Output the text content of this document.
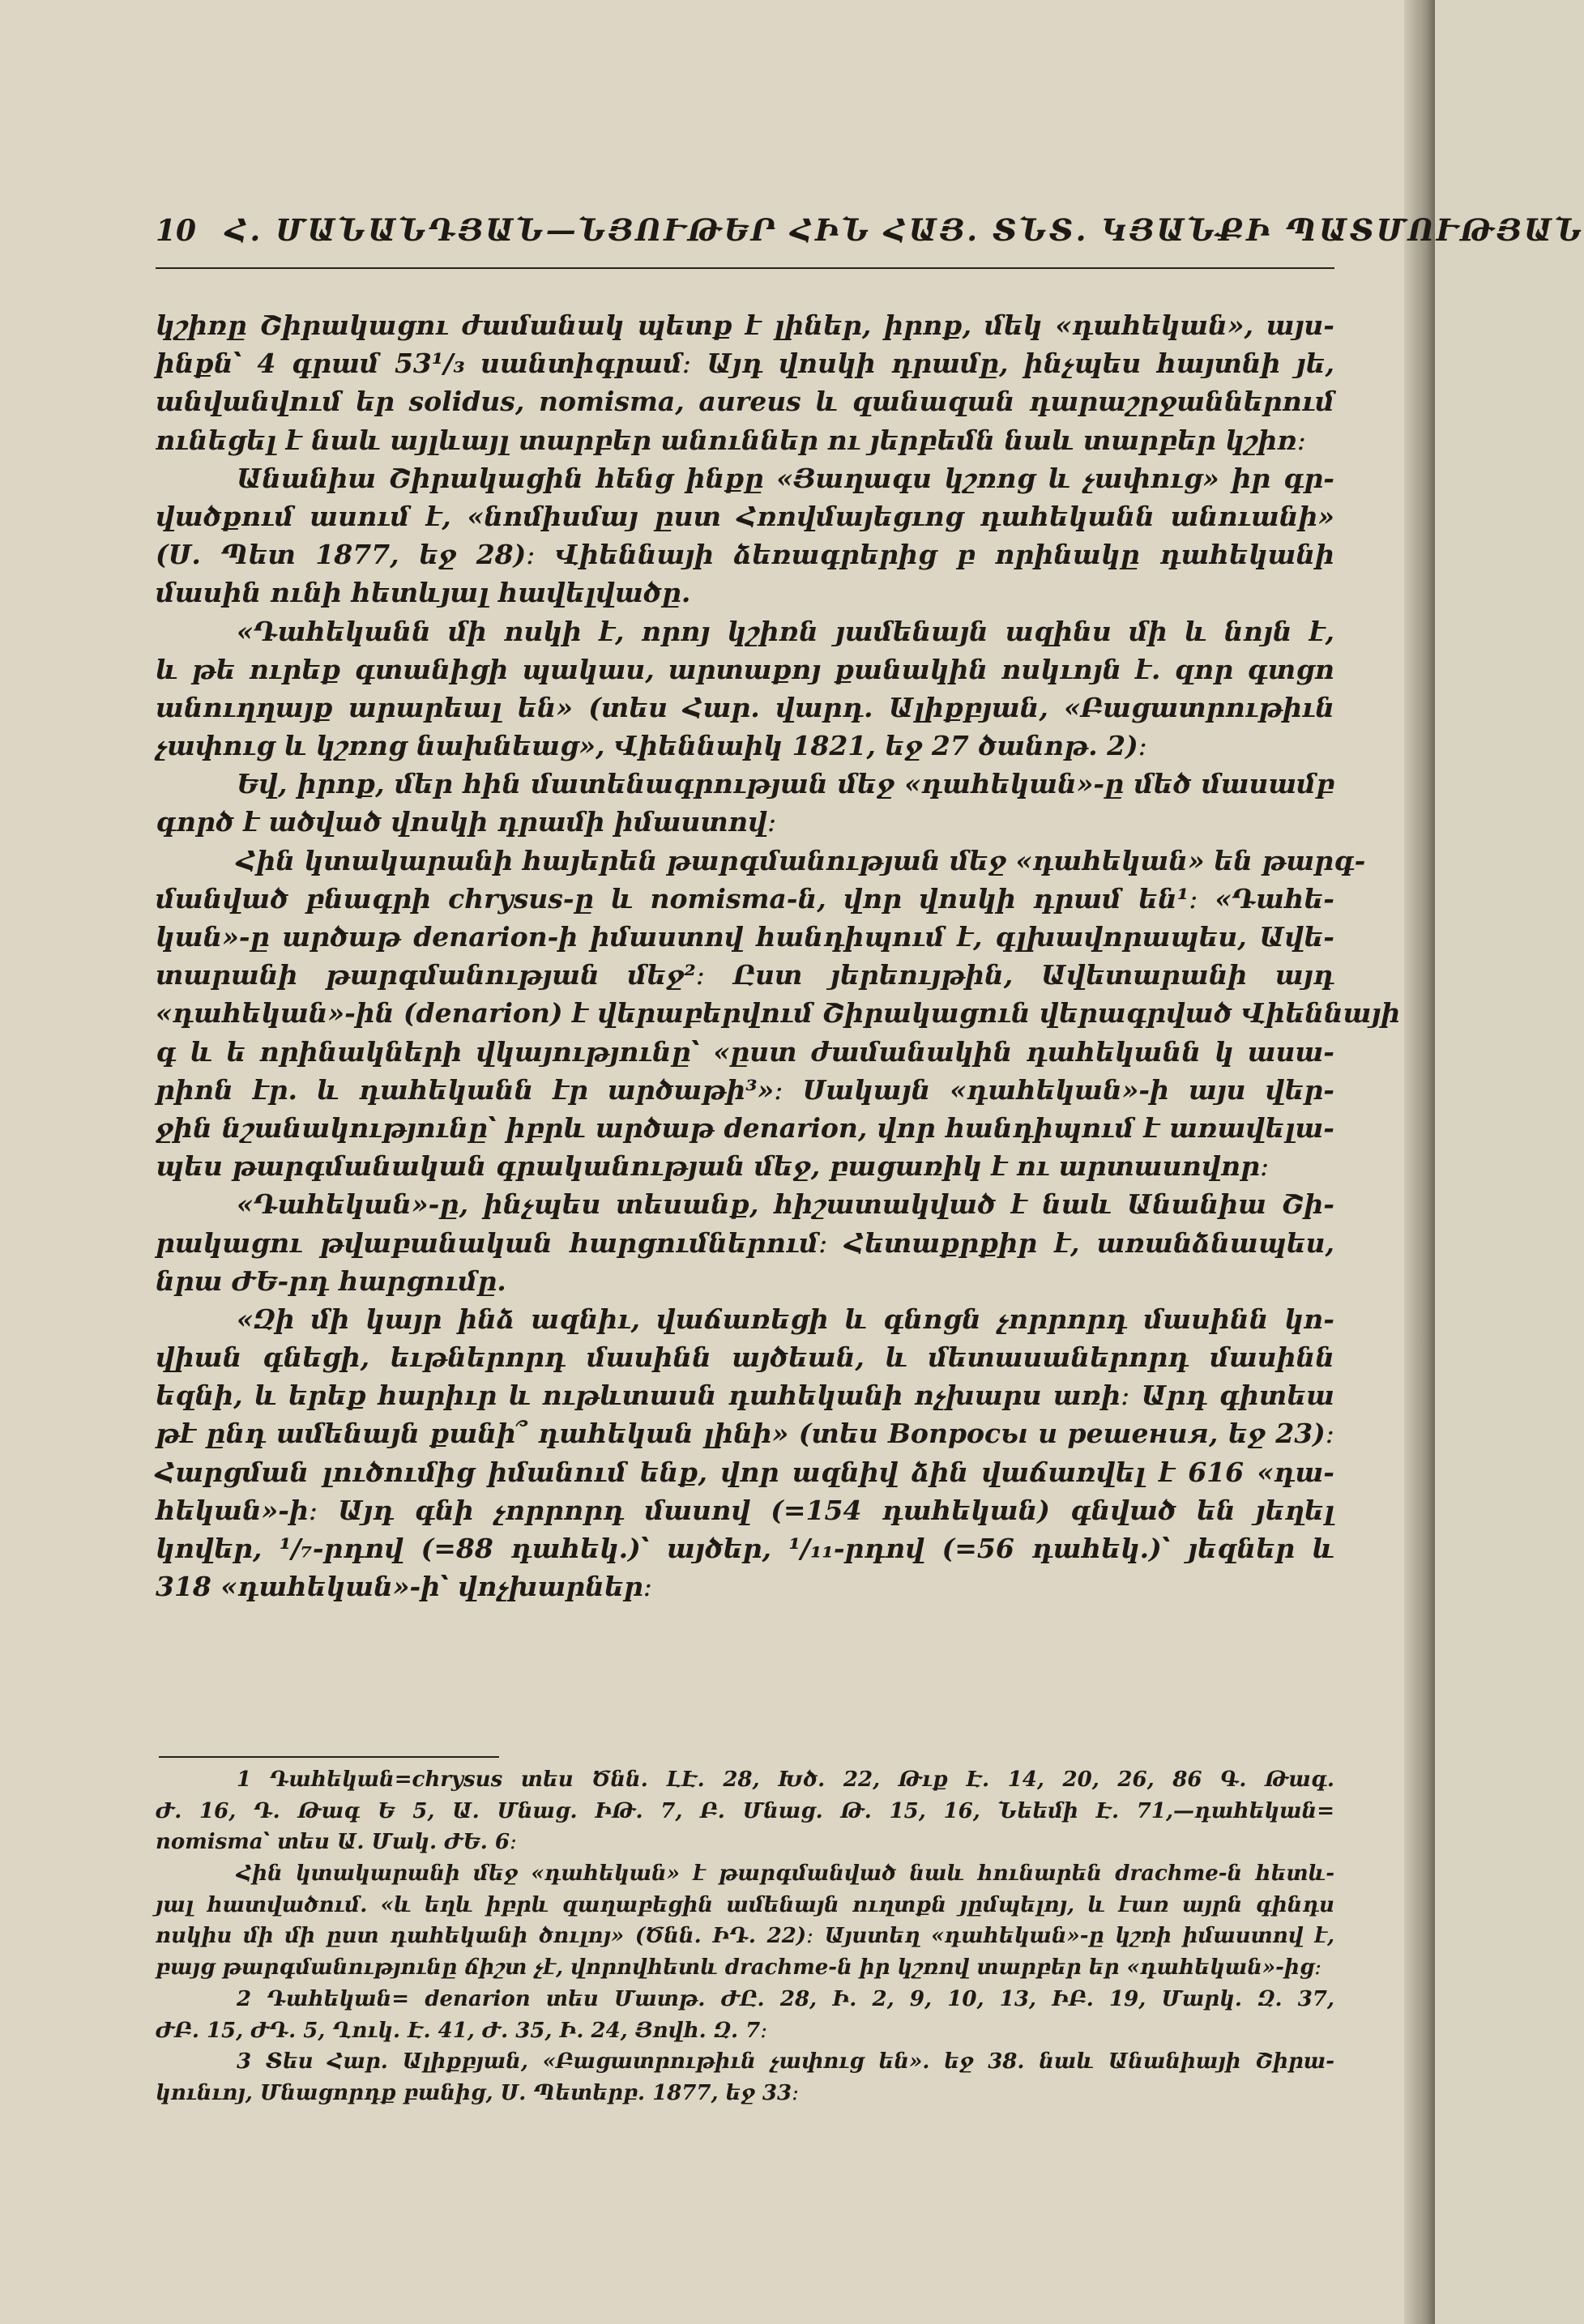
10 Հ. ՄԱՆԱՆԴՅԱՆ—ՆՅՈՒԹԵՐ ՀԻՆ ՀԱՅ. ՏՆՏ. ԿՅԱՆՔԻ ՊԱՏՄՈՒԹՅԱՆ
կշիռը Շիրակացու ժամանակ պետք է լիներ, իրոք, մեկ «դահեկան», այս-
ինքն՝ 4 գրամ 53¹/₃ սանտիգրամ։ Այդ վոսկի դրամը, ինչպես հայտնի յե,
անվանվում եր solidus, nomisma, aureus և զանազան դարաշրջաններում
ունեցել է նաև այլևայլ տարբեր անուններ ու յերբեմն նաև տարբեր կշիռ։
Անանիա Շիրակացին հենց ինքը «Յաղագս կշռոց և չափուց» իր գր-
վածքում ասում է, «նոմիսմայ ըստ Հռովմայեցւոց դահեկանն անուանի»
(Ս. Պետ 1877, եջ 28)։ Վիեննայի ձեռագրերից բ որինակը դահեկանի
մասին ունի հետևյալ հավելվածը.
«Դահեկանն մի ոսկի է, որոյ կշիռն յամենայն ազինս մի և նոյն է,
և թե ուրեք գտանիցի պակաս, արտաքոյ քանակին ոսկւոյն է. զոր գտցո
անուղղայք արարեալ են» (տես Հար. վարդ. Ալիքբյան, «Բացատրութիւն
չափուց և կշռոց նախնեաց», Վիեննաիկ 1821, եջ 27 ծանոթ. 2)։
Եվ, իրոք, մեր հին մատենագրության մեջ «դահեկան»-ը մեծ մասամբ
գործ է ածված վոսկի դրամի իմաստով։
Հին կտակարանի հայերեն թարգմանության մեջ «դահեկան» են թարգ-
մանված բնագրի chrysus-ը և nomisma-ն, վոր վոսկի դրամ են¹։ «Դահե-
կան»-ը արծաթ denarion-ի իմաստով հանդիպում է, գլխավորապես, Ավե-
տարանի թարգմանության մեջ²։ Ըստ յերեույթին, Ավետարանի այդ
«դահեկան»-ին (denarion) է վերաբերվում Շիրակացուն վերագրված Վիեննայի
գ և ե որինակների վկայությունը՝ «ըստ ժամանակին դահեկանն կ ասա-
րիոն էր. և դահեկանն էր արծաթի³»։ Սակայն «դահեկան»-ի այս վեր-
ջին նշանակությունը՝ իբրև արծաթ denarion, վոր հանդիպում է առավելա-
պես թարգմանական գրականության մեջ, բացառիկ է ու արտասովոր։
«Դահեկան»-ը, ինչպես տեսանք, հիշատակված է նաև Անանիա Շի-
րակացու թվաբանական հարցումներում։ Հետաքրքիր է, առանձնապես,
նրա ԺԵ-րդ հարցումը.
«Զի մի կայր ինձ ազնիւ, վաճառեցի և գնոցն չորրորդ մասինն կո-
վիան գնեցի, եւթներորդ մասինն այծեան, և մետասաներորդ մասինն
եզնի, և երեք հարիւր և ութևտասն դահեկանի ոչխարս առի։ Արդ գիտեա
թէ ընդ ամենայն քանի՞ դահեկան լինի» (տես Вопросы и решения, եջ 23)։
Հարցման լուծումից իմանում ենք, վոր ազնիվ ձին վաճառվել է 616 «դա-
հեկան»-ի։ Այդ գնի չորրորդ մասով (=154 դահեկան) գնված են յեղել
կովեր, ¹/₇-րդով (=88 դահեկ.)՝ այծեր, ¹/₁₁-րդով (=56 դահեկ.)՝ յեզներ և
318 «դահեկան»-ի՝ վոչխարներ։
1 Դահեկան=chrysus տես Ծնն. ԼԷ. 28, Խծ. 22, Թւք Է. 14, 20, 26, 86 Գ. Թագ.
Ժ. 16, Դ. Թագ Ե 5, Ա. Մնաց. ԻԹ. 7, Բ. Մնաց. Թ. 15, 16, Նեեմի Է. 71,—դահեկան=
nomisma՝ տես Ա. Մակ. ԺԵ. 6։
Հին կտակարանի մեջ «դահեկան» է թարգմանված նաև հունարեն drachme-ն հետև-
յալ հատվածում. «և եղև իբրև զաղաբեցին ամենայն ուղտքն յըմպելոյ, և էառ այրն գինդս
ոսկիս մի մի ըստ դահեկանի ծուլոյ» (Ծնն. ԻԴ. 22)։ Այստեղ «դահեկան»-ը կշռի իմաստով է,
բայց թարգմանությունը ճիշտ չէ, վորովհետև drachme-ն իր կշռով տարբեր եր «դահեկան»-ից։
2 Դահեկան= denarion տես Մատթ. ԺԸ. 28, Ի. 2, 9, 10, 13, ԻԲ. 19, Մարկ. Զ. 37,
ԺԲ. 15, ԺԴ. 5, Ղուկ. Է. 41, Ժ. 35, Ի. 24, Յովհ. Զ. 7։
3 Տես Հար. Ալիքբյան, «Բացատրութիւն չափուց են». եջ 38. նաև Անանիայի Շիրա-
կունւոյ, Մնացորդք բանից, Ս. Պետերբ. 1877, եջ 33։
